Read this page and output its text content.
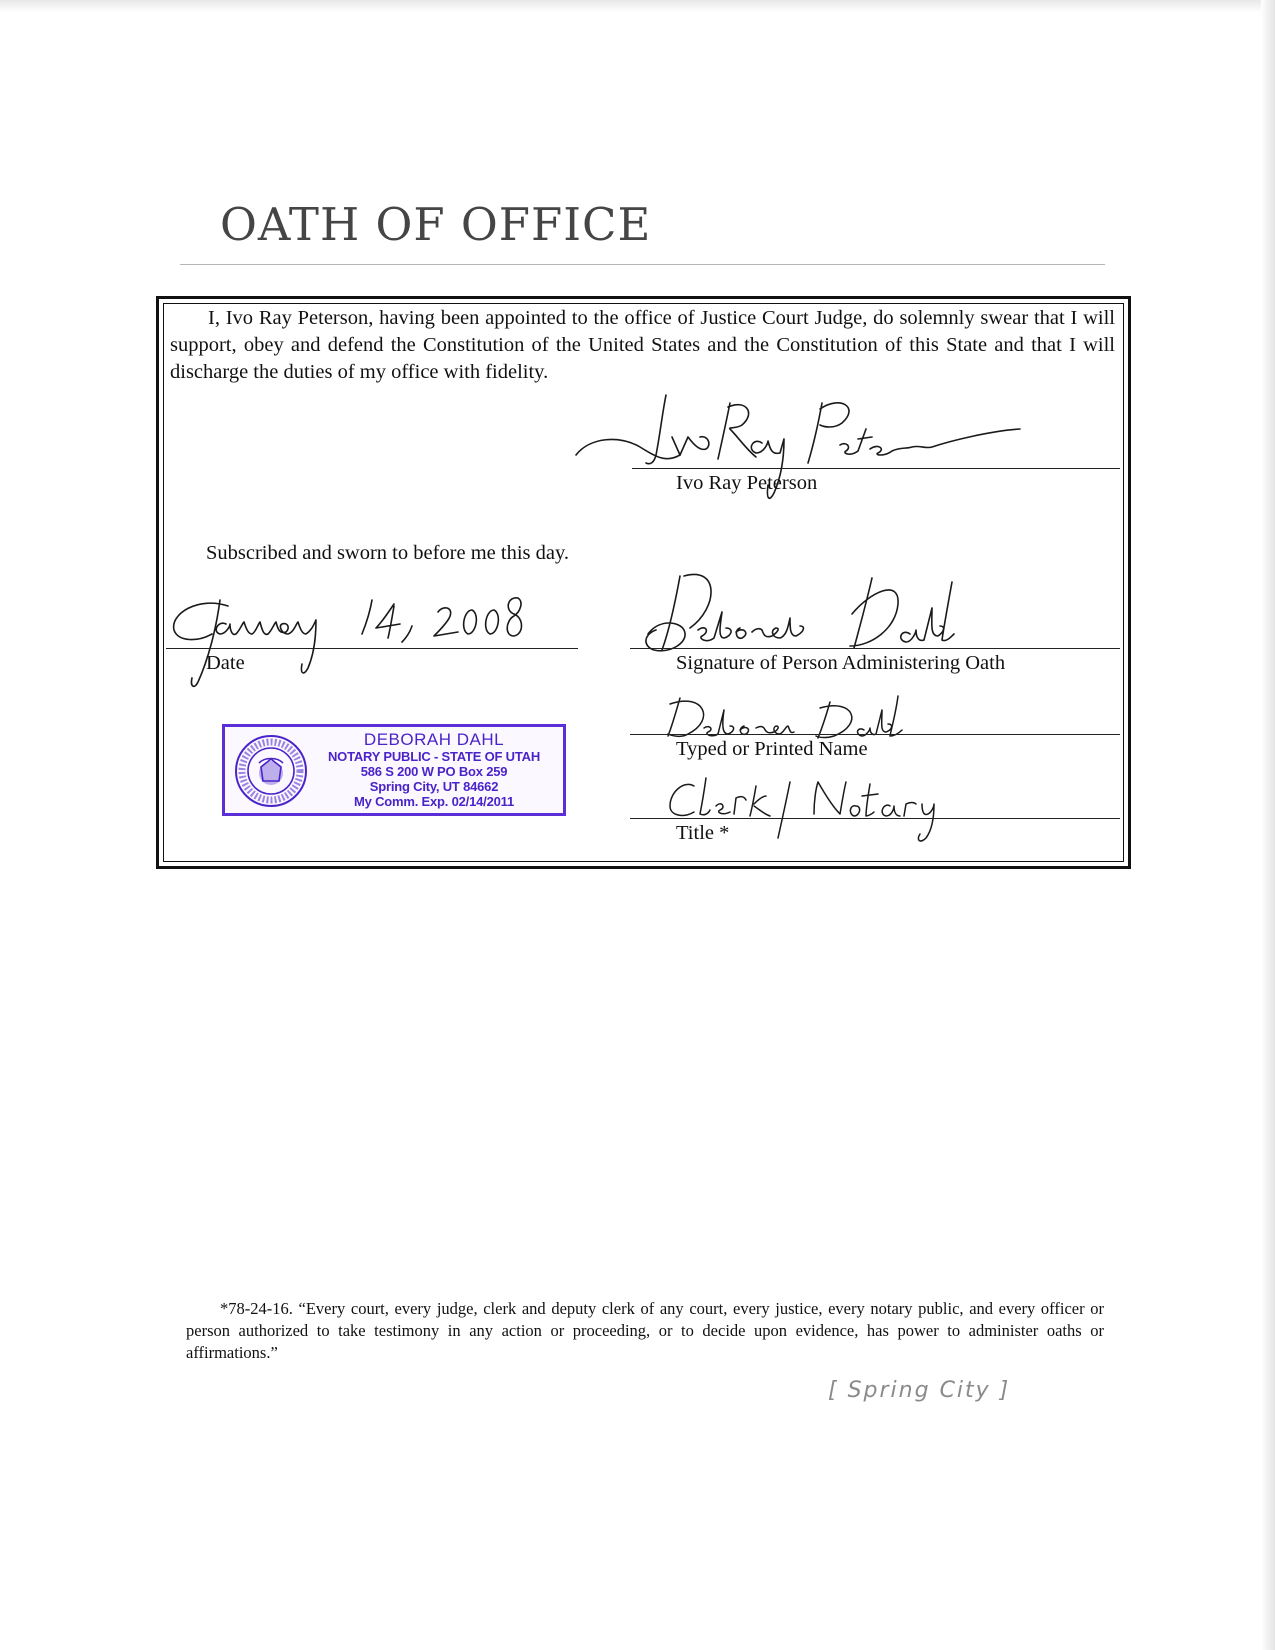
OATH OF OFFICE

I, Ivo Ray Peterson, having been appointed to the office of Justice Court Judge, do solemnly swear that I will support, obey and defend the Constitution of the United States and the Constitution of this State and that I will discharge the duties of my office with fidelity.

Ivo Ray Peterson
Subscribed and sworn to before me this day.
Date	Signature of Person Administering Oath
Typed or Printed Name
Title *
DEBORAH DAHL
NOTARY PUBLIC - STATE OF UTAH
586 S 200 W PO Box 259
Spring City, UT 84662
My Comm. Exp. 02/14/2011

*78-24-16. “Every court, every judge, clerk and deputy clerk of any court, every justice, every notary public, and every officer or person authorized to take testimony in any action or proceeding, or to decide upon evidence, has power to administer oaths or affirmations.”

[ Spring City ]
